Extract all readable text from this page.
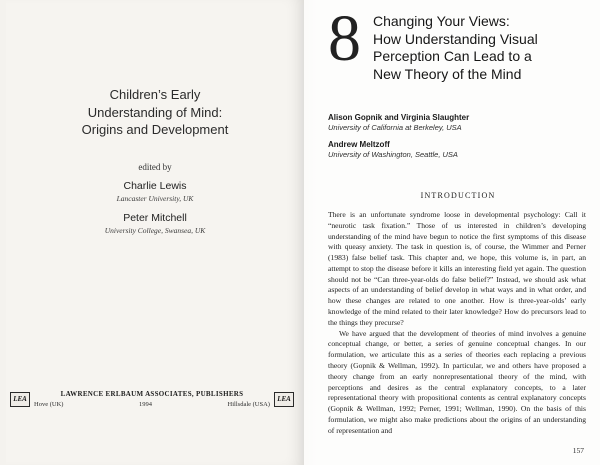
Children’s Early
Understanding of Mind:
Origins and Development
edited by
Charlie Lewis
Lancaster University, UK
Peter Mitchell
University College, Swansea, UK
LEA
LAWRENCE ERLBAUM ASSOCIATES, PUBLISHERS
Hove (UK)	1994	Hillsdale (USA)
LEA
8 Changing Your Views:
How Understanding Visual
Perception Can Lead to a
New Theory of the Mind
Alison Gopnik and Virginia Slaughter
University of California at Berkeley, USA
Andrew Meltzoff
University of Washington, Seattle, USA
INTRODUCTION

There is an unfortunate syndrome loose in developmental psychology: Call it “neurotic task fixation.” Those of us interested in children’s developing understanding of the mind have begun to notice the first symptoms of this disease with queasy anxiety. The task in question is, of course, the Wimmer and Perner (1983) false belief task. This chapter and, we hope, this volume is, in part, an attempt to stop the disease before it kills an interesting field yet again. The question should not be “Can three-year-olds do false belief?” Instead, we should ask what aspects of an understanding of belief develop in what ways and in what order, and how these changes are related to one another. How is three-year-olds’ early knowledge of the mind related to their later knowledge? How do precursors lead to the things they precurse?

We have argued that the development of theories of mind involves a genuine conceptual change, or better, a series of genuine conceptual changes. In our formulation, we articulate this as a series of theories each replacing a previous theory (Gopnik & Wellman, 1992). In particular, we and others have proposed a theory change from an early nonrepresentational theory of the mind, with perceptions and desires as the central explanatory concepts, to a later representational theory with propositional contents as central explanatory concepts (Gopnik & Wellman, 1992; Perner, 1991; Wellman, 1990). On the basis of this formulation, we might also make predictions about the origins of an understanding of representation and

157
